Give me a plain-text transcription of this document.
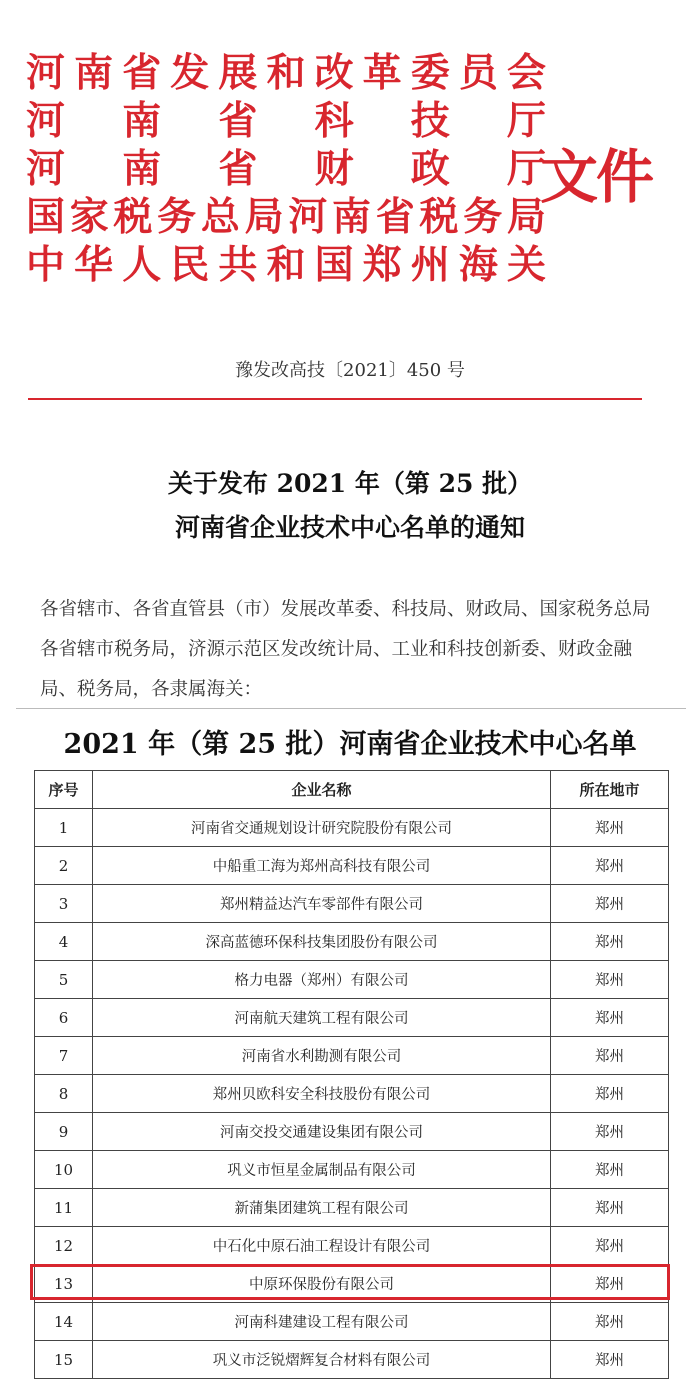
河 南 省 发 展 和 改 革 委 员 会
河 南 省 科 技 厅
河 南 省 财 政 厅
国 家 税 务 总 局 河 南 省 税 务 局
中 华 人 民 共 和 国 郑 州 海 关
文件
豫发改高技〔2021〕450 号
关于发布 2021 年（第 25 批）
河南省企业技术中心名单的通知
各省辖市、各省直管县（市）发展改革委、科技局、财政局、国家税务总局各省辖市税务局，济源示范区发改统计局、工业和科技创新委、财政金融局、税务局，各隶属海关：
2021 年（第 25 批）河南省企业技术中心名单
序号	企业名称	所在地市
1	河南省交通规划设计研究院股份有限公司	郑州
2	中船重工海为郑州高科技有限公司	郑州
3	郑州精益达汽车零部件有限公司	郑州
4	深高蓝德环保科技集团股份有限公司	郑州
5	格力电器（郑州）有限公司	郑州
6	河南航天建筑工程有限公司	郑州
7	河南省水利勘测有限公司	郑州
8	郑州贝欧科安全科技股份有限公司	郑州
9	河南交投交通建设集团有限公司	郑州
10	巩义市恒星金属制品有限公司	郑州
11	新蒲集团建筑工程有限公司	郑州
12	中石化中原石油工程设计有限公司	郑州
13	中原环保股份有限公司	郑州
14	河南科建建设工程有限公司	郑州
15	巩义市泛锐熠辉复合材料有限公司	郑州
